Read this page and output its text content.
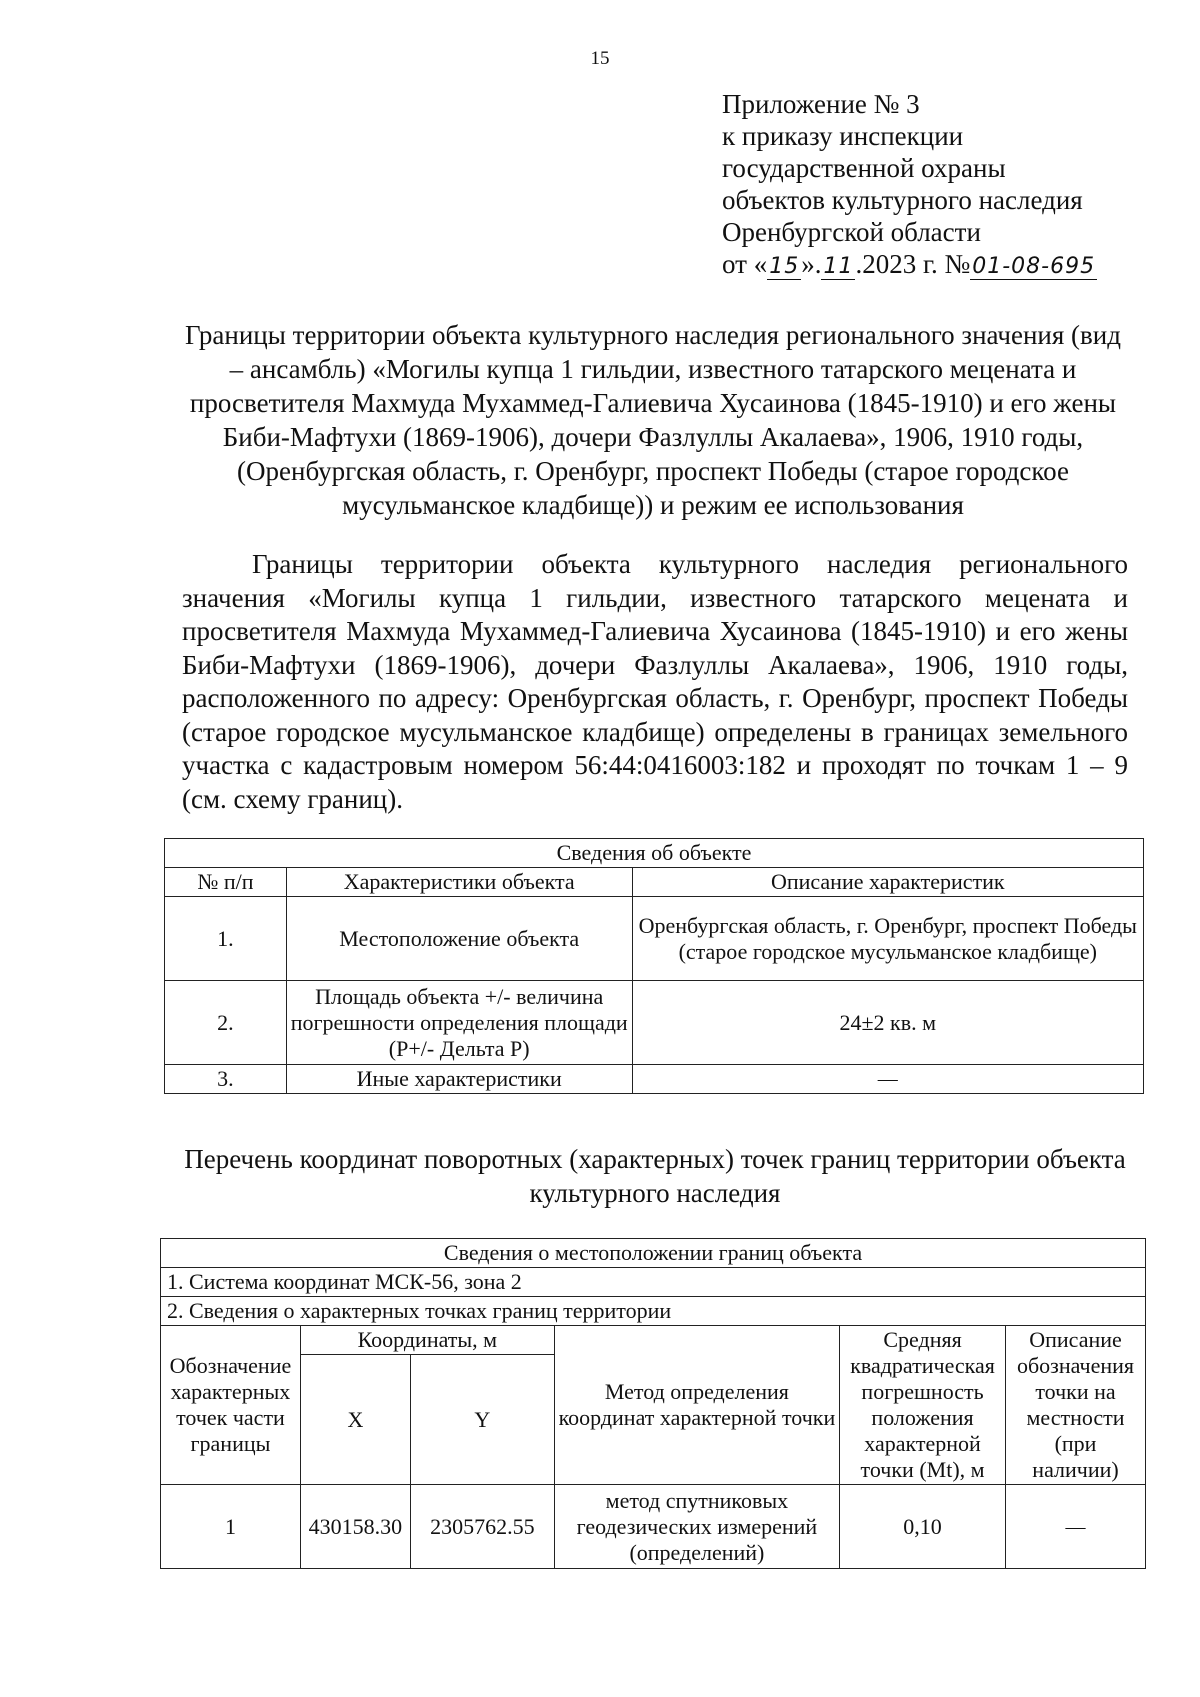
15
Приложение № 3
к приказу инспекции
государственной охраны
объектов культурного наследия
Оренбургской области
от «15».11.2023 г. №01-08-695
Границы территории объекта культурного наследия регионального значения (вид – ансамбль) «Могилы купца 1 гильдии, известного татарского мецената и просветителя Махмуда Мухаммед-Галиевича Хусаинова (1845-1910) и его жены Биби-Мафтухи (1869-1906), дочери Фазлуллы Акалаева», 1906, 1910 годы, (Оренбургская область, г. Оренбург, проспект Победы (старое городское мусульманское кладбище)) и режим ее использования
Границы территории объекта культурного наследия регионального значения «Могилы купца 1 гильдии, известного татарского мецената и просветителя Махмуда Мухаммед-Галиевича Хусаинова (1845-1910) и его жены Биби-Мафтухи (1869-1906), дочери Фазлуллы Акалаева», 1906, 1910 годы, расположенного по адресу: Оренбургская область, г. Оренбург, проспект Победы (старое городское мусульманское кладбище) определены в границах земельного участка с кадастровым номером 56:44:0416003:182 и проходят по точкам 1 – 9 (см. схему границ).
Сведения об объекте		
№ п/п	Характеристики объекта	Описание характеристик
1.	Местоположение объекта	Оренбургская область, г. Оренбург, проспект Победы (старое городское мусульманское кладбище)
2.	Площадь объекта +/- величина погрешности определения площади (Р+/- Дельта Р)	24±2 кв. м
3.	Иные характеристики	—
Перечень координат поворотных (характерных) точек границ территории объекта культурного наследия
Сведения о местоположении границ объекта					
1. Система координат МСК-56, зона 2					
2. Сведения о характерных точках границ территории					
Обозначение характерных точек части границы	Координаты, м		Метод определения координат характерной точки	Средняя квадратическая погрешность положения характерной точки (Mt), м	Описание обозначения точки на местности (при наличии)
	X	Y			
1	430158.30	2305762.55	метод спутниковых геодезических измерений (определений)	0,10	—
